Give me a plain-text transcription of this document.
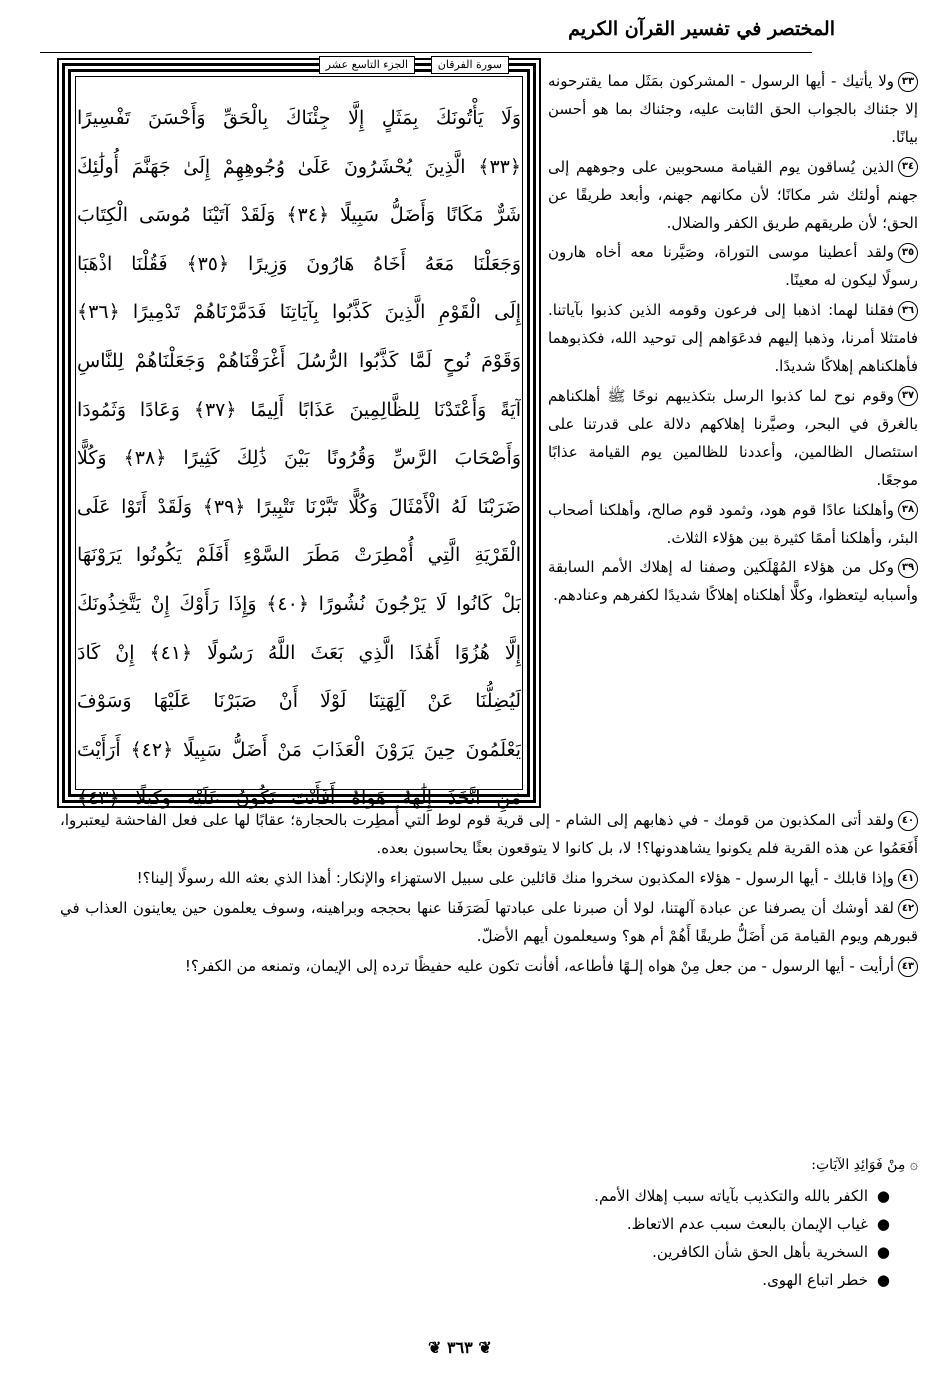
المختصر في تفسير القرآن الكريم
سورة الفرقان
الجزء التاسع عشر
وَلَا يَأْتُونَكَ بِمَثَلٍ إِلَّا جِئْنَاكَ بِالْحَقِّ وَأَحْسَنَ تَفْسِيرًا
﴿٣٣﴾ الَّذِينَ يُحْشَرُونَ عَلَىٰ وُجُوهِهِمْ إِلَىٰ جَهَنَّمَ أُولَٰئِكَ
شَرٌّ مَكَانًا وَأَضَلُّ سَبِيلًا ﴿٣٤﴾ وَلَقَدْ آتَيْنَا مُوسَى الْكِتَابَ
وَجَعَلْنَا مَعَهُ أَخَاهُ هَارُونَ وَزِيرًا ﴿٣٥﴾ فَقُلْنَا اذْهَبَا
إِلَى الْقَوْمِ الَّذِينَ كَذَّبُوا بِآيَاتِنَا فَدَمَّرْنَاهُمْ تَدْمِيرًا ﴿٣٦﴾
وَقَوْمَ نُوحٍ لَمَّا كَذَّبُوا الرُّسُلَ أَغْرَقْنَاهُمْ وَجَعَلْنَاهُمْ لِلنَّاسِ
آيَةً وَأَعْتَدْنَا لِلظَّالِمِينَ عَذَابًا أَلِيمًا ﴿٣٧﴾ وَعَادًا وَثَمُودَا
وَأَصْحَابَ الرَّسِّ وَقُرُونًا بَيْنَ ذَٰلِكَ كَثِيرًا ﴿٣٨﴾ وَكُلًّا
ضَرَبْنَا لَهُ الْأَمْثَالَ وَكُلًّا تَبَّرْنَا تَتْبِيرًا ﴿٣٩﴾ وَلَقَدْ أَتَوْا عَلَى
الْقَرْيَةِ الَّتِي أُمْطِرَتْ مَطَرَ السَّوْءِ أَفَلَمْ يَكُونُوا يَرَوْنَهَا
بَلْ كَانُوا لَا يَرْجُونَ نُشُورًا ﴿٤٠﴾ وَإِذَا رَأَوْكَ إِنْ يَتَّخِذُونَكَ
إِلَّا هُزُوًا أَهَٰذَا الَّذِي بَعَثَ اللَّهُ رَسُولًا ﴿٤١﴾ إِنْ كَادَ
لَيُضِلُّنَا عَنْ آلِهَتِنَا لَوْلَا أَنْ صَبَرْنَا عَلَيْهَا وَسَوْفَ
يَعْلَمُونَ حِينَ يَرَوْنَ الْعَذَابَ مَنْ أَضَلُّ سَبِيلًا ﴿٤٢﴾ أَرَأَيْتَ
مَنِ اتَّخَذَ إِلَٰهَهُ هَوَاهُ أَفَأَنْتَ تَكُونُ عَلَيْهِ وَكِيلًا ﴿٤٣﴾

٣٣ولا يأتيك - أيها الرسول - المشركون بمَثَل مما يقترحونه إلا جئناك بالجواب الحق الثابت عليه، وجئناك بما هو أحسن بيانًا.

٣٤الذين يُساقون يوم القيامة مسحوبين على وجوههم إلى جهنم أولئك شر مكانًا؛ لأن مكانهم جهنم، وأبعد طريقًا عن الحق؛ لأن طريقهم طريق الكفر والضلال.

٣٥ولقد أعطينا موسى التوراة، وصَيَّرنا معه أخاه هارون رسولًا ليكون له معينًا.

٣٦فقلنا لهما: اذهبا إلى فرعون وقومه الذين كذبوا بآياتنا. فامتثلا أمرنا، وذهبا إليهم فدعَوَاهم إلى توحيد الله، فكذبوهما فأهلكناهم إهلاكًا شديدًا.

٣٧وقوم نوح لما كذبوا الرسل بتكذيبهم نوحًا ﷺ أهلكناهم بالغرق في البحر، وصيَّرنا إهلاكهم دلالة على قدرتنا على استئصال الظالمين، وأعددنا للظالمين يوم القيامة عذابًا موجعًا.

٣٨وأهلكنا عادًا قوم هود، وثمود قوم صالح، وأهلكنا أصحاب البئر، وأهلكنا أممًا كثيرة بين هؤلاء الثلاث.

٣٩وكل من هؤلاء المُهْلَكين وصفنا له إهلاك الأمم السابقة وأسبابه ليتعظوا، وكلًّا أهلكناه إهلاكًا شديدًا لكفرهم وعنادهم.

٤٠ولقد أتى المكذبون من قومك - في ذهابهم إلى الشام - إلى قرية قوم لوط التي أُمطِرت بالحجارة؛ عقابًا لها على فعل الفاحشة ليعتبروا، أَفَعَمُوا عن هذه القرية فلم يكونوا يشاهدونها؟! لا، بل كانوا لا يتوقعون بعثًا يحاسبون بعده.

٤١وإذا قابلك - أيها الرسول - هؤلاء المكذبون سخروا منك قائلين على سبيل الاستهزاء والإنكار: أهذا الذي بعثه الله رسولًا إلينا؟!

٤٢لقد أوشك أن يصرفنا عن عبادة آلهتنا، لولا أن صبرنا على عبادتها لَصَرَفَنا عنها بحججه وبراهينه، وسوف يعلمون حين يعاينون العذاب في قبورهم ويوم القيامة مَن أَضَلُّ طريقًا أَهُمْ أم هو؟ وسيعلمون أيهم الأضلّ.

٤٣أرأيت - أيها الرسول - من جعل مِنْ هواه إلـهًا فأطاعه، أفأنت تكون عليه حفيظًا ترده إلى الإيمان، وتمنعه من الكفر؟!

۞ مِنْ فَوَائِدِ الآيَاتِ:
●
الكفر بالله والتكذيب بآياته سبب إهلاك الأمم.
●
غياب الإيمان بالبعث سبب عدم الاتعاظ.
●
السخرية بأهل الحق شأن الكافرين.
●
خطر اتباع الهوى.
❦ ٣٦٣ ❦
